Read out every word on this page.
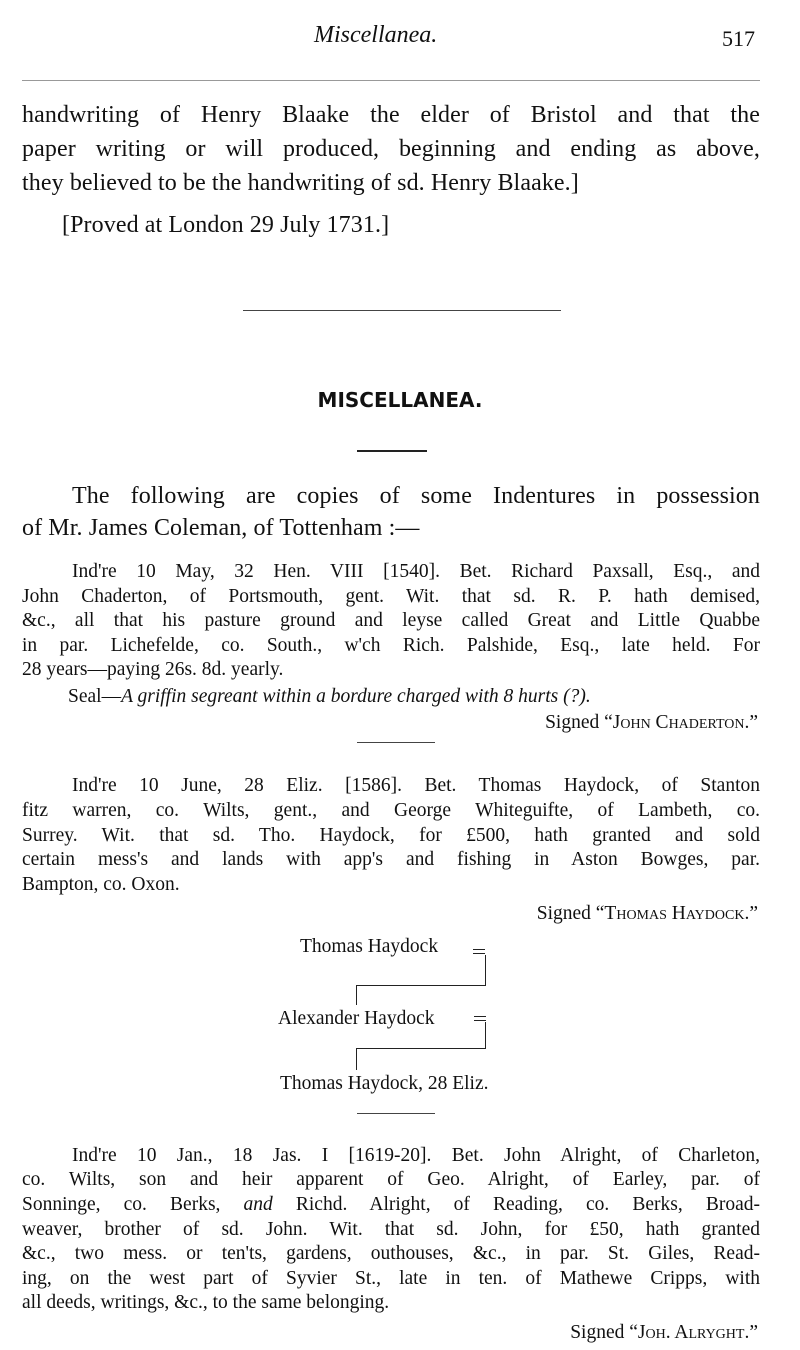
Miscellanea.	517
handwriting of Henry Blaake the elder of Bristol and that the
paper writing or will produced, beginning and ending as above,
they believed to be the handwriting of sd. Henry Blaake.]
[Proved at London 29 July 1731.]
MISCELLANEA.
The following are copies of some Indentures in possession
of Mr. James Coleman, of Tottenham :—
Ind're 10 May, 32 Hen. VIII [1540]. Bet. Richard Paxsall, Esq., and
John Chaderton, of Portsmouth, gent. Wit. that sd. R. P. hath demised,
&c., all that his pasture ground and leyse called Great and Little Quabbe
in par. Lichefelde, co. South., w'ch Rich. Palshide, Esq., late held. For
28 years—paying 26s. 8d. yearly.
Seal—A griffin segreant within a bordure charged with 8 hurts (?).
Signed “John Chaderton.”
Ind're 10 June, 28 Eliz. [1586]. Bet. Thomas Haydock, of Stanton
fitz warren, co. Wilts, gent., and George Whiteguifte, of Lambeth, co.
Surrey. Wit. that sd. Tho. Haydock, for £500, hath granted and sold
certain mess's and lands with app's and fishing in Aston Bowges, par.
Bampton, co. Oxon.
Signed “Thomas Haydock.”
Thomas Haydock
Alexander Haydock
Thomas Haydock, 28 Eliz.
Ind're 10 Jan., 18 Jas. I [1619-20]. Bet. John Alright, of Charleton,
co. Wilts, son and heir apparent of Geo. Alright, of Earley, par. of
Sonninge, co. Berks, and Richd. Alright, of Reading, co. Berks, Broad-
weaver, brother of sd. John. Wit. that sd. John, for £50, hath granted
&c., two mess. or ten'ts, gardens, outhouses, &c., in par. St. Giles, Read-
ing, on the west part of Syvier St., late in ten. of Mathewe Cripps, with
all deeds, writings, &c., to the same belonging.
Signed “Joh. Alryght.”
